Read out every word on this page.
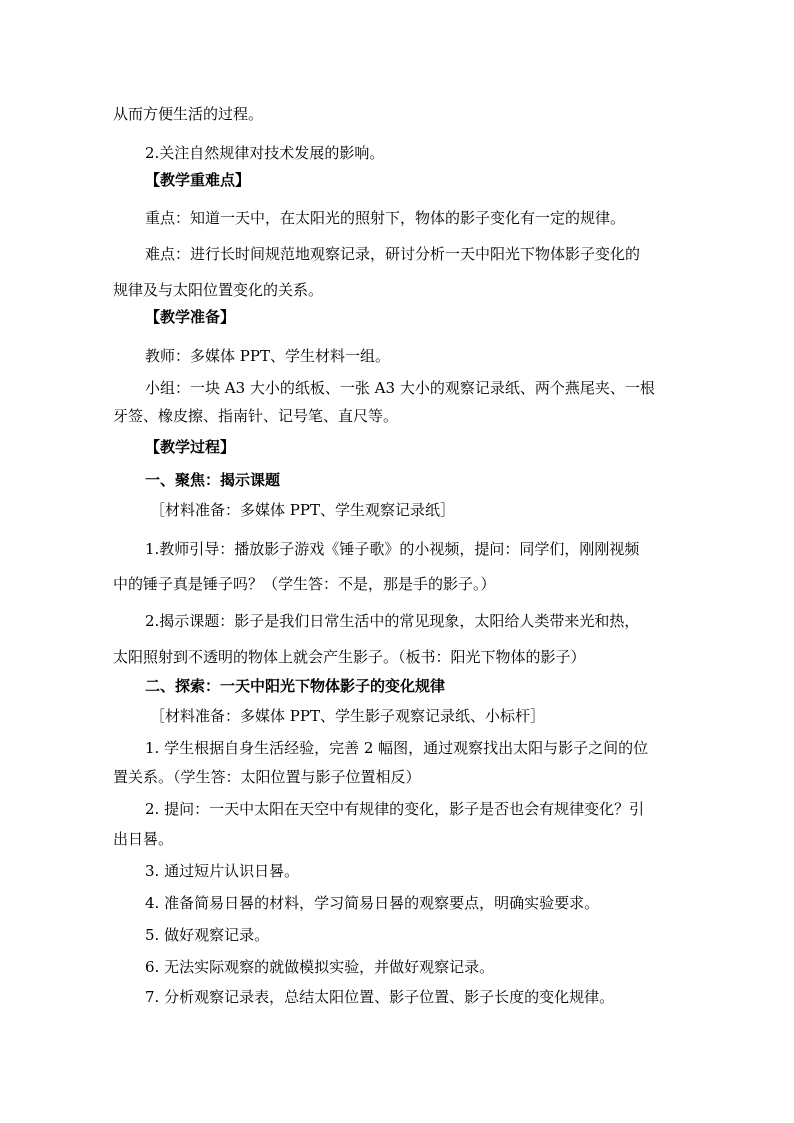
从而方便生活的过程。
2.关注自然规律对技术发展的影响。
【教学重难点】
重点：知道一天中，在太阳光的照射下，物体的影子变化有一定的规律。
难点：进行长时间规范地观察记录，研讨分析一天中阳光下物体影子变化的
规律及与太阳位置变化的关系。
【教学准备】
教师：多媒体 PPT、学生材料一组。
小组：一块 A3 大小的纸板、一张 A3 大小的观察记录纸、两个燕尾夹、一根
牙签、橡皮擦、指南针、记号笔、直尺等。
【教学过程】
一、聚焦：揭示课题
［材料准备：多媒体 PPT、学生观察记录纸］
1.教师引导：播放影子游戏《锤子歌》的小视频，提问：同学们，刚刚视频
中的锤子真是锤子吗？（学生答：不是，那是手的影子。）
2.揭示课题：影子是我们日常生活中的常见现象，太阳给人类带来光和热，
太阳照射到不透明的物体上就会产生影子。（板书：阳光下物体的影子）
二、探索：一天中阳光下物体影子的变化规律
［材料准备：多媒体 PPT、学生影子观察记录纸、小标杆］
1. 学生根据自身生活经验，完善 2 幅图，通过观察找出太阳与影子之间的位
置关系。（学生答：太阳位置与影子位置相反）
2. 提问：一天中太阳在天空中有规律的变化，影子是否也会有规律变化？引
出日晷。
3. 通过短片认识日晷。
4. 准备简易日晷的材料，学习简易日晷的观察要点，明确实验要求。
5. 做好观察记录。
6. 无法实际观察的就做模拟实验，并做好观察记录。
7. 分析观察记录表，总结太阳位置、影子位置、影子长度的变化规律。
